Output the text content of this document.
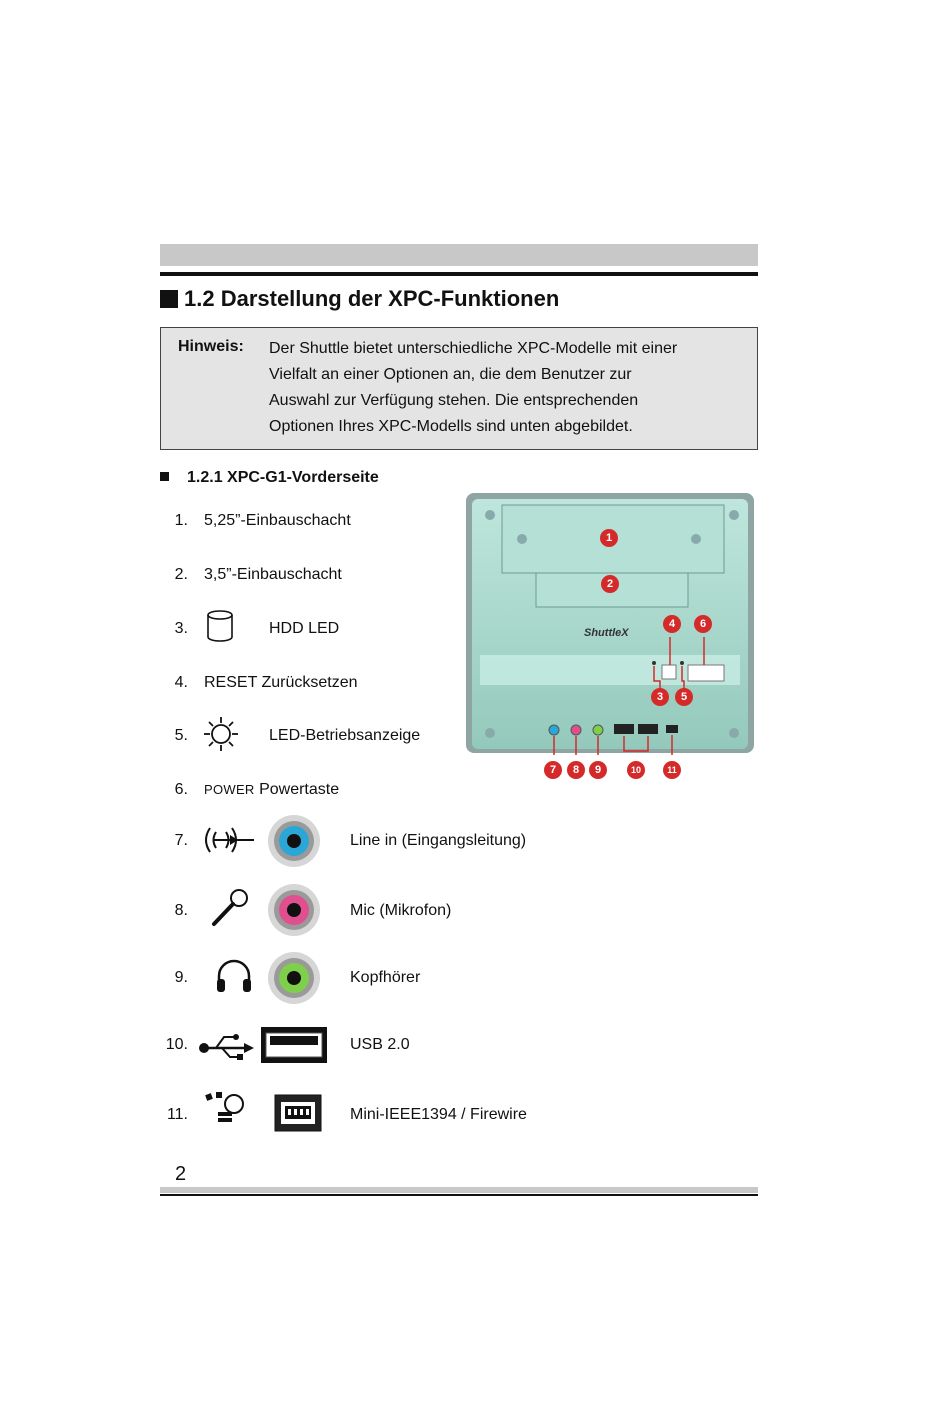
1.2 Darstellung der XPC-Funktionen
Hinweis: Der Shuttle bietet unterschiedliche XPC-Modelle mit einer
Vielfalt an einer Optionen an, die dem Benutzer zur
Auswahl zur Verfügung stehen. Die entsprechenden
Optionen Ihres XPC-Modells sind unten abgebildet.
1.2.1 XPC-G1-Vorderseite
1. 5,25”-Einbauschacht
2. 3,5”-Einbauschacht
3.	HDD LED
4. RESET Zurücksetzen
5.	LED-Betriebsanzeige
6. POWER Powertaste
7.	Line in (Eingangsleitung)
8.	Mic (Mikrofon)
9.	Kopfhörer
10.	USB 2.0
11.	Mini-IEEE1394 / Firewire
ShuttleX
1
2
3
4
5
6
7	8	9	10	11
2
